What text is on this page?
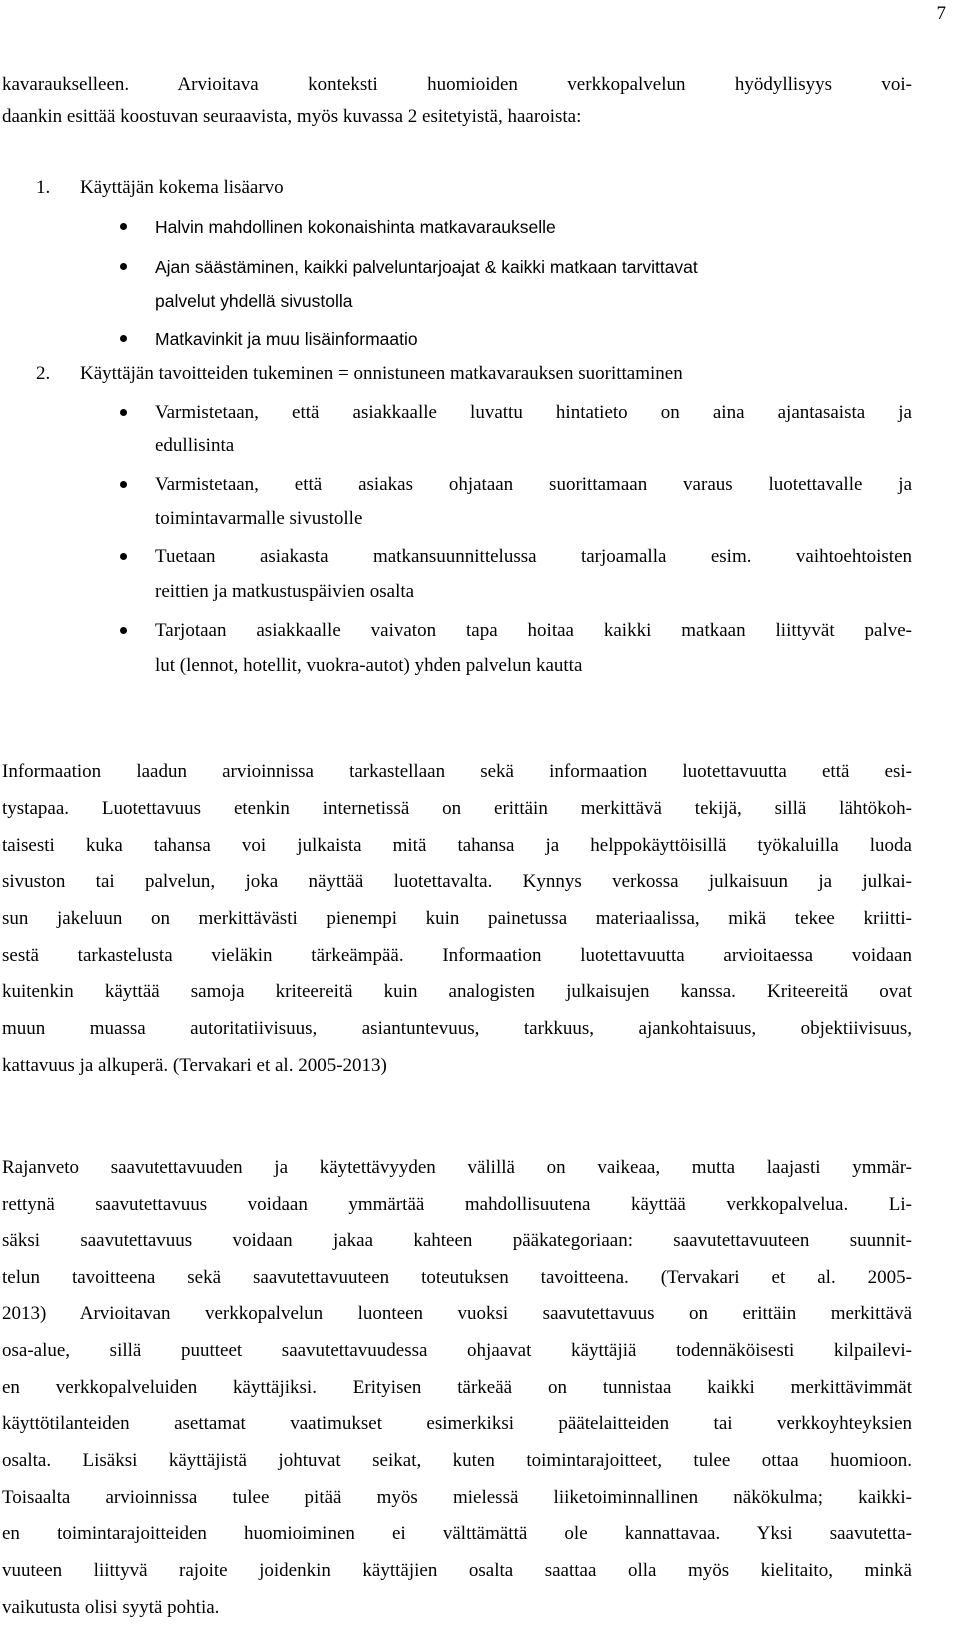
7
kavaraukselleen. Arvioitava konteksti huomioiden verkkopalvelun hyödyllisyys voi-
daankin esittää koostuvan seuraavista, myös kuvassa 2 esitetyistä, haaroista:
1. Käyttäjän kokema lisäarvo
Halvin mahdollinen kokonaishinta matkavaraukselle
Ajan säästäminen, kaikki palveluntarjoajat & kaikki matkaan tarvittavat
palvelut yhdellä sivustolla
Matkavinkit ja muu lisäinformaatio
2. Käyttäjän tavoitteiden tukeminen = onnistuneen matkavarauksen suorittaminen
Varmistetaan, että asiakkaalle luvattu hintatieto on aina ajantasaista ja
edullisinta
Varmistetaan, että asiakas ohjataan suorittamaan varaus luotettavalle ja
toimintavarmalle sivustolle
Tuetaan asiakasta matkansuunnittelussa tarjoamalla esim. vaihtoehtoisten
reittien ja matkustuspäivien osalta
Tarjotaan asiakkaalle vaivaton tapa hoitaa kaikki matkaan liittyvät palve-
lut (lennot, hotellit, vuokra-autot) yhden palvelun kautta
Informaation laadun arvioinnissa tarkastellaan sekä informaation luotettavuutta että esi-
tystapaa. Luotettavuus etenkin internetissä on erittäin merkittävä tekijä, sillä lähtökoh-
taisesti kuka tahansa voi julkaista mitä tahansa ja helppokäyttöisillä työkaluilla luoda
sivuston tai palvelun, joka näyttää luotettavalta. Kynnys verkossa julkaisuun ja julkai-
sun jakeluun on merkittävästi pienempi kuin painetussa materiaalissa, mikä tekee kriitti-
sestä tarkastelusta vieläkin tärkeämpää. Informaation luotettavuutta arvioitaessa voidaan
kuitenkin käyttää samoja kriteereitä kuin analogisten julkaisujen kanssa. Kriteereitä ovat
muun muassa autoritatiivisuus, asiantuntevuus, tarkkuus, ajankohtaisuus, objektiivisuus,
kattavuus ja alkuperä. (Tervakari et al. 2005-2013)
Rajanveto saavutettavuuden ja käytettävyyden välillä on vaikeaa, mutta laajasti ymmär-
rettynä saavutettavuus voidaan ymmärtää mahdollisuutena käyttää verkkopalvelua. Li-
säksi saavutettavuus voidaan jakaa kahteen pääkategoriaan: saavutettavuuteen suunnit-
telun tavoitteena sekä saavutettavuuteen toteutuksen tavoitteena. (Tervakari et al. 2005-
2013) Arvioitavan verkkopalvelun luonteen vuoksi saavutettavuus on erittäin merkittävä
osa-alue, sillä puutteet saavutettavuudessa ohjaavat käyttäjiä todennäköisesti kilpailevi-
en verkkopalveluiden käyttäjiksi. Erityisen tärkeää on tunnistaa kaikki merkittävimmät
käyttötilanteiden asettamat vaatimukset esimerkiksi päätelaitteiden tai verkkoyhteyksien
osalta. Lisäksi käyttäjistä johtuvat seikat, kuten toimintarajoitteet, tulee ottaa huomioon.
Toisaalta arvioinnissa tulee pitää myös mielessä liiketoiminnallinen näkökulma; kaikki-
en toimintarajoitteiden huomioiminen ei välttämättä ole kannattavaa. Yksi saavutetta-
vuuteen liittyvä rajoite joidenkin käyttäjien osalta saattaa olla myös kielitaito, minkä
vaikutusta olisi syytä pohtia.
